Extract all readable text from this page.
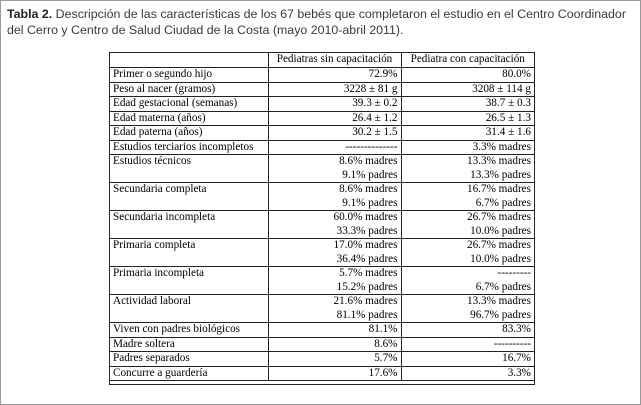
Tabla 2. Descripción de las características de los 67 bebés que completaron el estudio en el Centro Coordinador del Cerro y Centro de Salud Ciudad de la Costa (mayo 2010-abril 2011).
	Pediatras sin capacitación	Pediatra con capacitación
Primer o segundo hijo	72.9%	80.0%
Peso al nacer (gramos)	3228 ± 81 g	3208 ± 114 g
Edad gestacional (semanas)	39.3 ± 0.2	38.7 ± 0.3
Edad materna (años)	26.4 ± 1.2	26.5 ± 1.3
Edad paterna (años)	30.2 ± 1.5	31.4 ± 1.6
Estudios terciarios incompletos	--------------	3.3% madres
Estudios técnicos	8.6% madres	13.3% madres
	9.1% padres	13.3% padres
Secundaria completa	8.6% madres	16.7% madres
	9.1% padres	6.7% padres
Secundaria incompleta	60.0% madres	26.7% madres
	33.3% padres	10.0% padres
Primaria completa	17.0% madres	26.7% madres
	36.4% padres	10.0% padres
Primaria incompleta	5.7% madres	---------
	15.2% padres	6.7% padres
Actividad laboral	21.6% madres	13.3% madres
	81.1% padres	96.7% padres
Viven con padres biológicos	81.1%	83.3%
Madre soltera	8.6%	----------
Padres separados	5.7%	16.7%
Concurre a guardería	17.6%	3.3%
